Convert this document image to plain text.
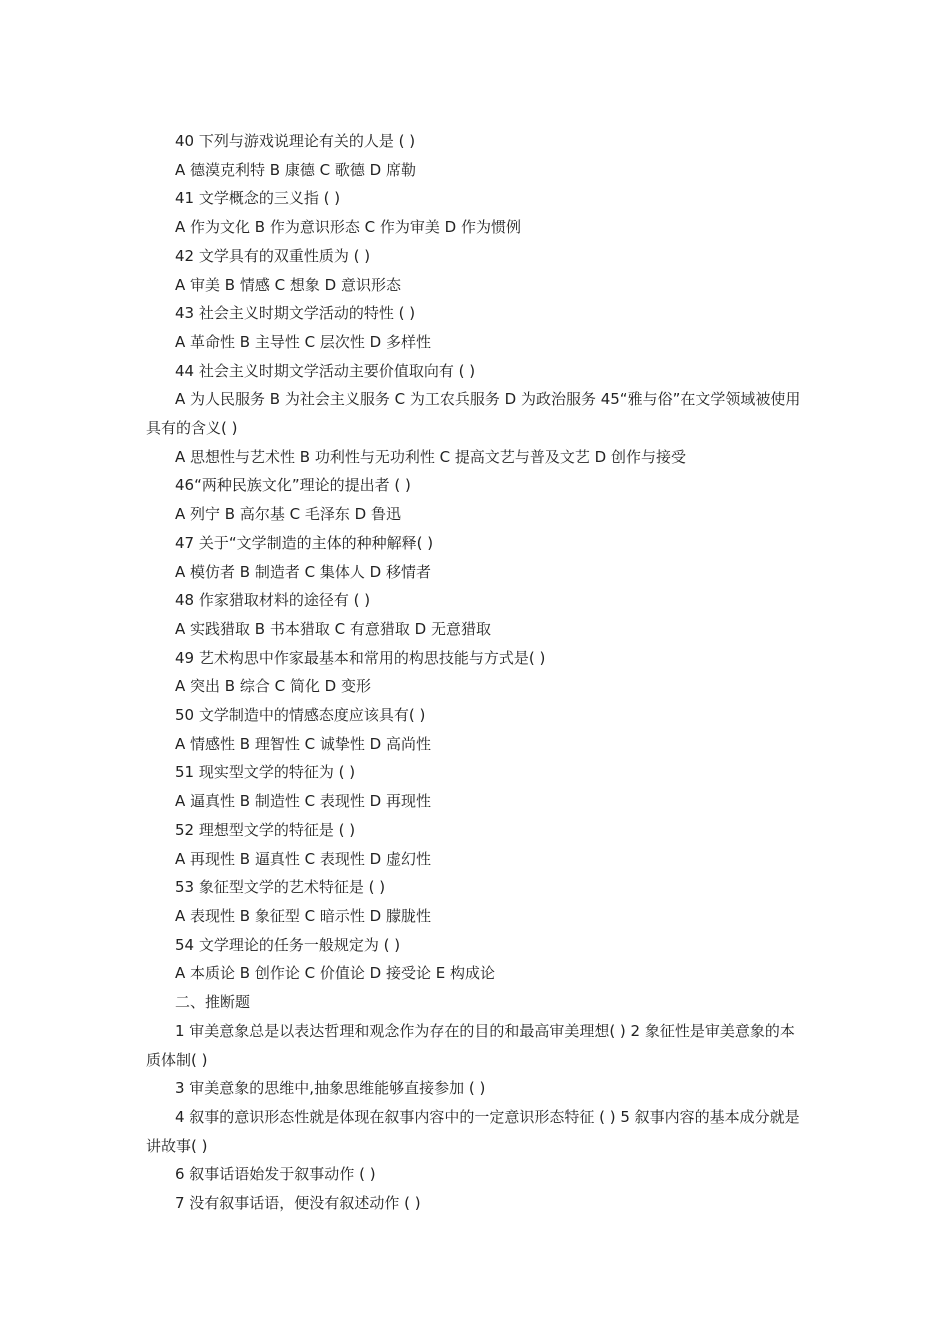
40 下列与游戏说理论有关的人是 ( )

A 德漠克利特 B 康德 C 歌德 D 席勒

41 文学概念的三义指 ( )

A 作为文化 B 作为意识形态 C 作为审美 D 作为惯例

42 文学具有的双重性质为 ( )

A 审美 B 情感 C 想象 D 意识形态

43 社会主义时期文学活动的特性 ( )

A 革命性 B 主导性 C 层次性 D 多样性

44 社会主义时期文学活动主要价值取向有 ( )

A 为人民服务 B 为社会主义服务 C 为工农兵服务 D 为政治服务 45“雅与俗”在文学领域被使用具有的含义( )

A 思想性与艺术性 B 功利性与无功利性 C 提高文艺与普及文艺 D 创作与接受

46“两种民族文化”理论的提出者 ( )

A 列宁 B 高尔基 C 毛泽东 D 鲁迅

47 关于“文学制造的主体的种种解释( )

A 模仿者 B 制造者 C 集体人 D 移情者

48 作家猎取材料的途径有 ( )

A 实践猎取 B 书本猎取 C 有意猎取 D 无意猎取

49 艺术构思中作家最基本和常用的构思技能与方式是( )

A 突出 B 综合 C 简化 D 变形

50 文学制造中的情感态度应该具有( )

A 情感性 B 理智性 C 诚挚性 D 高尚性

51 现实型文学的特征为 ( )

A 逼真性 B 制造性 C 表现性 D 再现性

52 理想型文学的特征是 ( )

A 再现性 B 逼真性 C 表现性 D 虚幻性

53 象征型文学的艺术特征是 ( )

A 表现性 B 象征型 C 暗示性 D 朦胧性

54 文学理论的任务一般规定为 ( )

A 本质论 B 创作论 C 价值论 D 接受论 E 构成论

二、推断题

1 审美意象总是以表达哲理和观念作为存在的目的和最高审美理想( ) 2 象征性是审美意象的本质体制( )

3 审美意象的思维中,抽象思维能够直接参加 ( )

4 叙事的意识形态性就是体现在叙事内容中的一定意识形态特征 ( ) 5 叙事内容的基本成分就是讲故事( )

6 叙事话语始发于叙事动作 ( )

7 没有叙事话语，便没有叙述动作 ( )
